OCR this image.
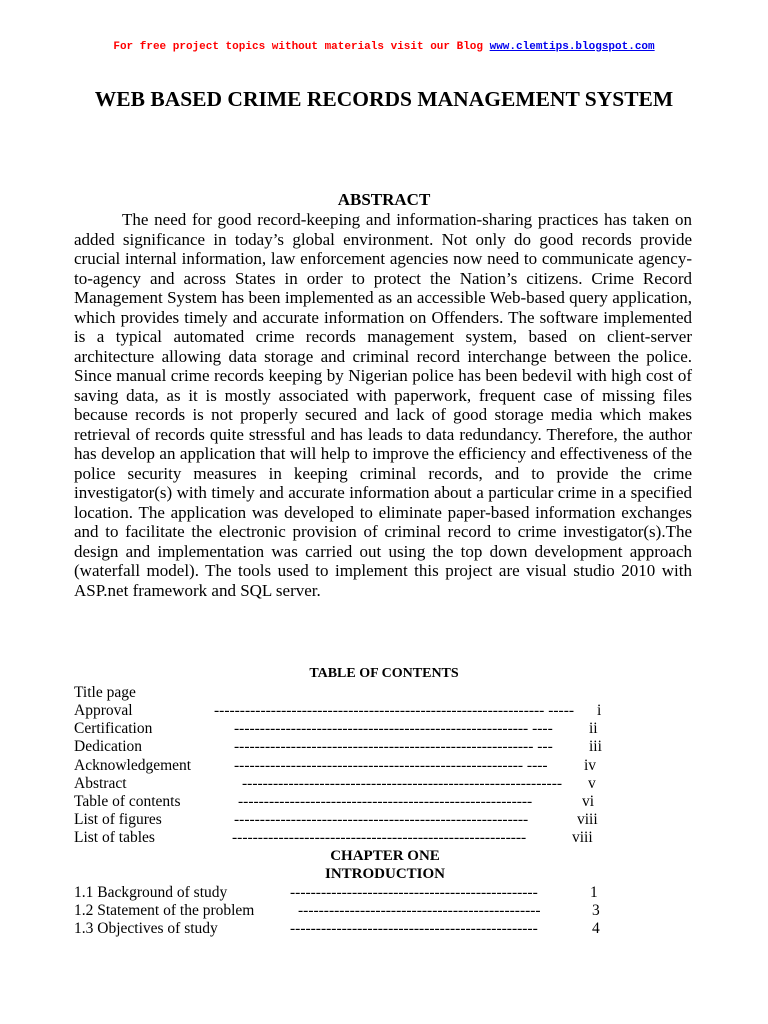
For free project topics without materials visit our Blog www.clemtips.blogspot.com
WEB BASED CRIME RECORDS MANAGEMENT SYSTEM
ABSTRACT
The need for good record-keeping and information-sharing practices has taken on added significance in today’s global environment. Not only do good records provide crucial internal information, law enforcement agencies now need to communicate agency-to-agency and across States in order to protect the Nation’s citizens. Crime Record Management System has been implemented as an accessible Web-based query application, which provides timely and accurate information on Offenders. The software implemented is a typical automated crime records management system, based on client-server architecture allowing data storage and criminal record interchange between the police. Since manual crime records keeping by Nigerian police has been bedevil with high cost of saving data, as it is mostly associated with paperwork, frequent case of missing files because records is not properly secured and lack of good storage media which makes retrieval of records quite stressful and has leads to data redundancy. Therefore, the author has develop an application that will help to improve the efficiency and effectiveness of the police security measures in keeping criminal records, and to provide the crime investigator(s) with timely and accurate information about a particular crime in a specified location. The application was developed to eliminate paper-based information exchanges and to facilitate the electronic provision of criminal record to crime investigator(s).The design and implementation was carried out using the top down development approach (waterfall model). The tools used to implement this project are visual studio 2010 with ASP.net framework and SQL server.
TABLE OF CONTENTS
Title page
Approval	---------------------------------------------------------------- ----- i
Certification	--------------------------------------------------------- ---- ii
Dedication	---------------------------------------------------------- --- iii
Acknowledgement	-------------------------------------------------------- ---- iv
Abstract	-------------------------------------------------------------- v
Table of contents	---------------------------------------------------------	vi
List of figures	---------------------------------------------------------	viii
List of tables	---------------------------------------------------------	viii
CHAPTER ONE
INTRODUCTION
1.1 Background of study	------------------------------------------------	1
1.2 Statement of the problem	-----------------------------------------------	3
1.3 Objectives of study	------------------------------------------------	4
